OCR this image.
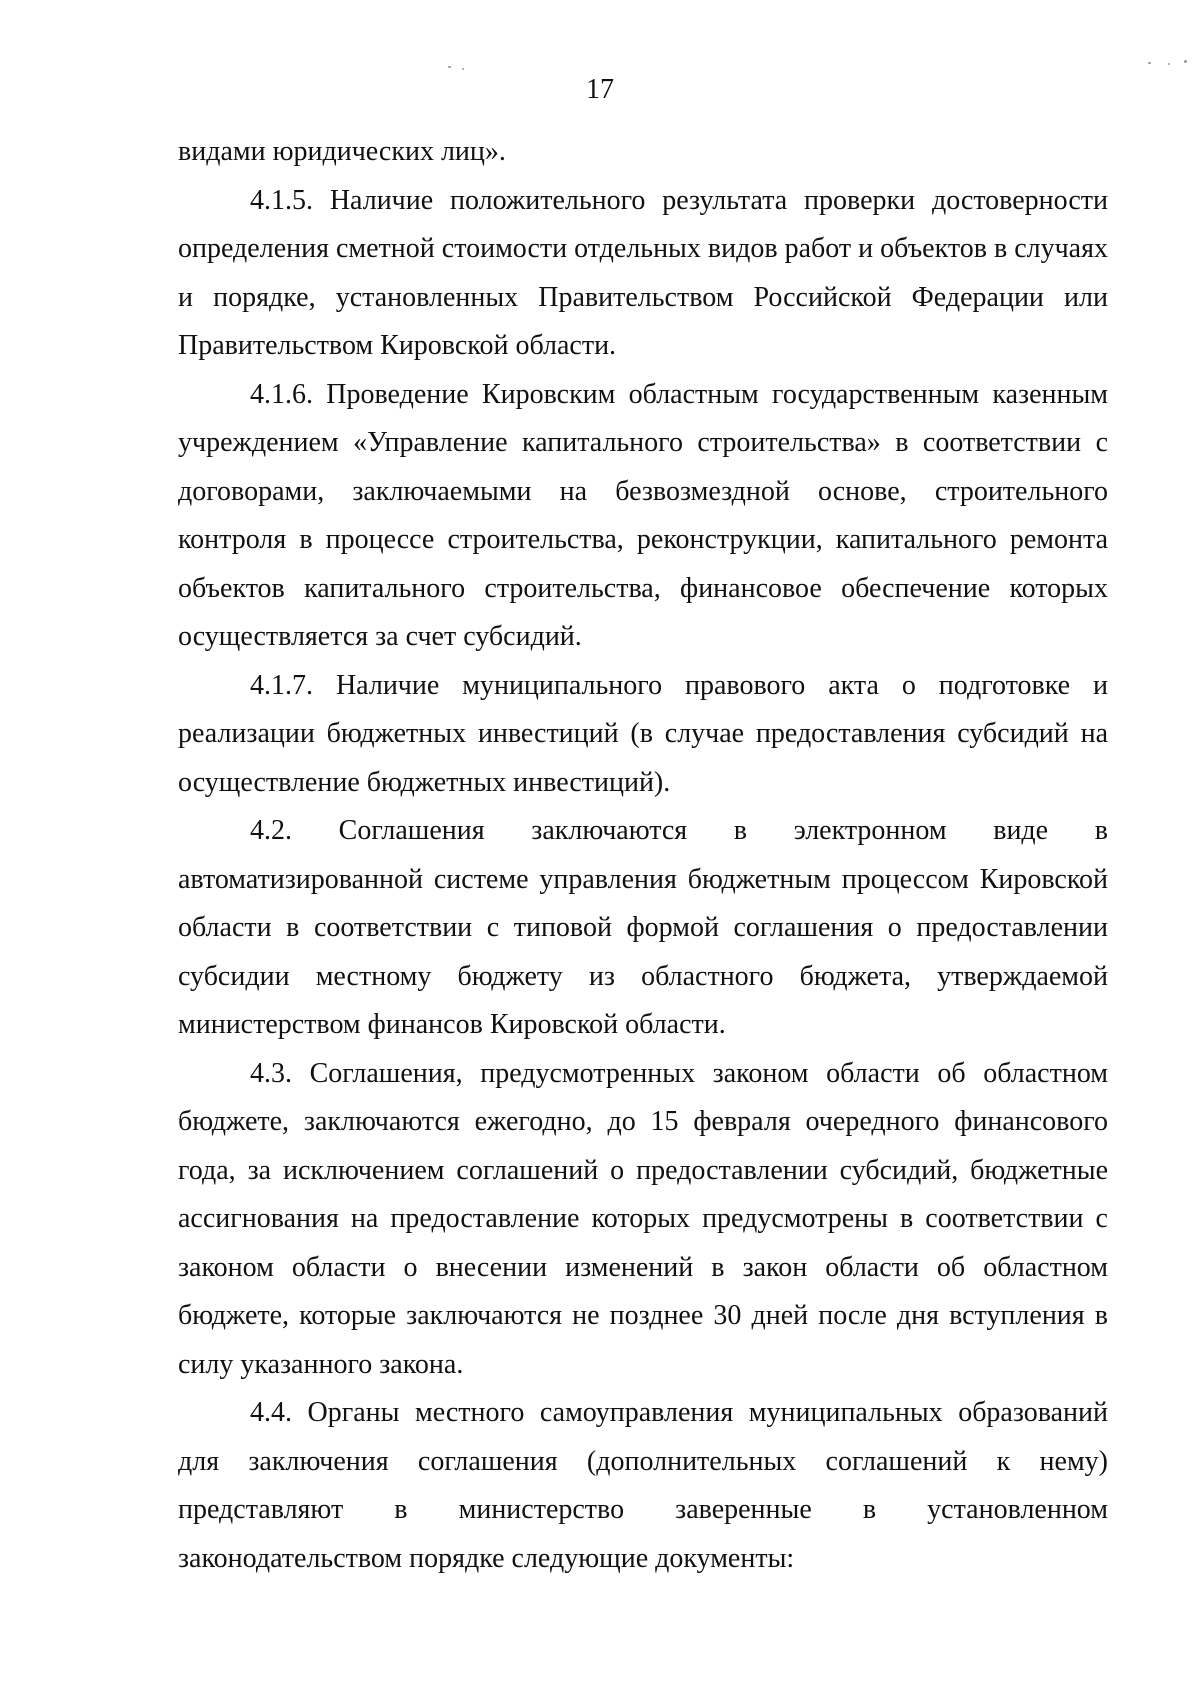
17

видами юридических лиц».

4.1.5. Наличие положительного результата проверки достоверности определения сметной стоимости отдельных видов работ и объектов в случаях и порядке, установленных Правительством Российской Федерации или Правительством Кировской области.

4.1.6. Проведение Кировским областным государственным казенным учреждением «Управление капитального строительства» в соответствии с договорами, заключаемыми на безвозмездной основе, строительного контроля в процессе строительства, реконструкции, капитального ремонта объектов капитального строительства, финансовое обеспечение которых осуществляется за счет субсидий.

4.1.7. Наличие муниципального правового акта о подготовке и реализации бюджетных инвестиций (в случае предоставления субсидий на осуществление бюджетных инвестиций).

4.2. Соглашения заключаются в электронном виде в автоматизированной системе управления бюджетным процессом Кировской области в соответствии с типовой формой соглашения о предоставлении субсидии местному бюджету из областного бюджета, утверждаемой министерством финансов Кировской области.

4.3. Соглашения, предусмотренных законом области об областном бюджете, заключаются ежегодно, до 15 февраля очередного финансового года, за исключением соглашений о предоставлении субсидий, бюджетные ассигнования на предоставление которых предусмотрены в соответствии с законом области о внесении изменений в закон области об областном бюджете, которые заключаются не позднее 30 дней после дня вступления в силу указанного закона.

4.4. Органы местного самоуправления муниципальных образований для заключения соглашения (дополнительных соглашений к нему) представляют в министерство заверенные в установленном законодательством порядке следующие документы:
